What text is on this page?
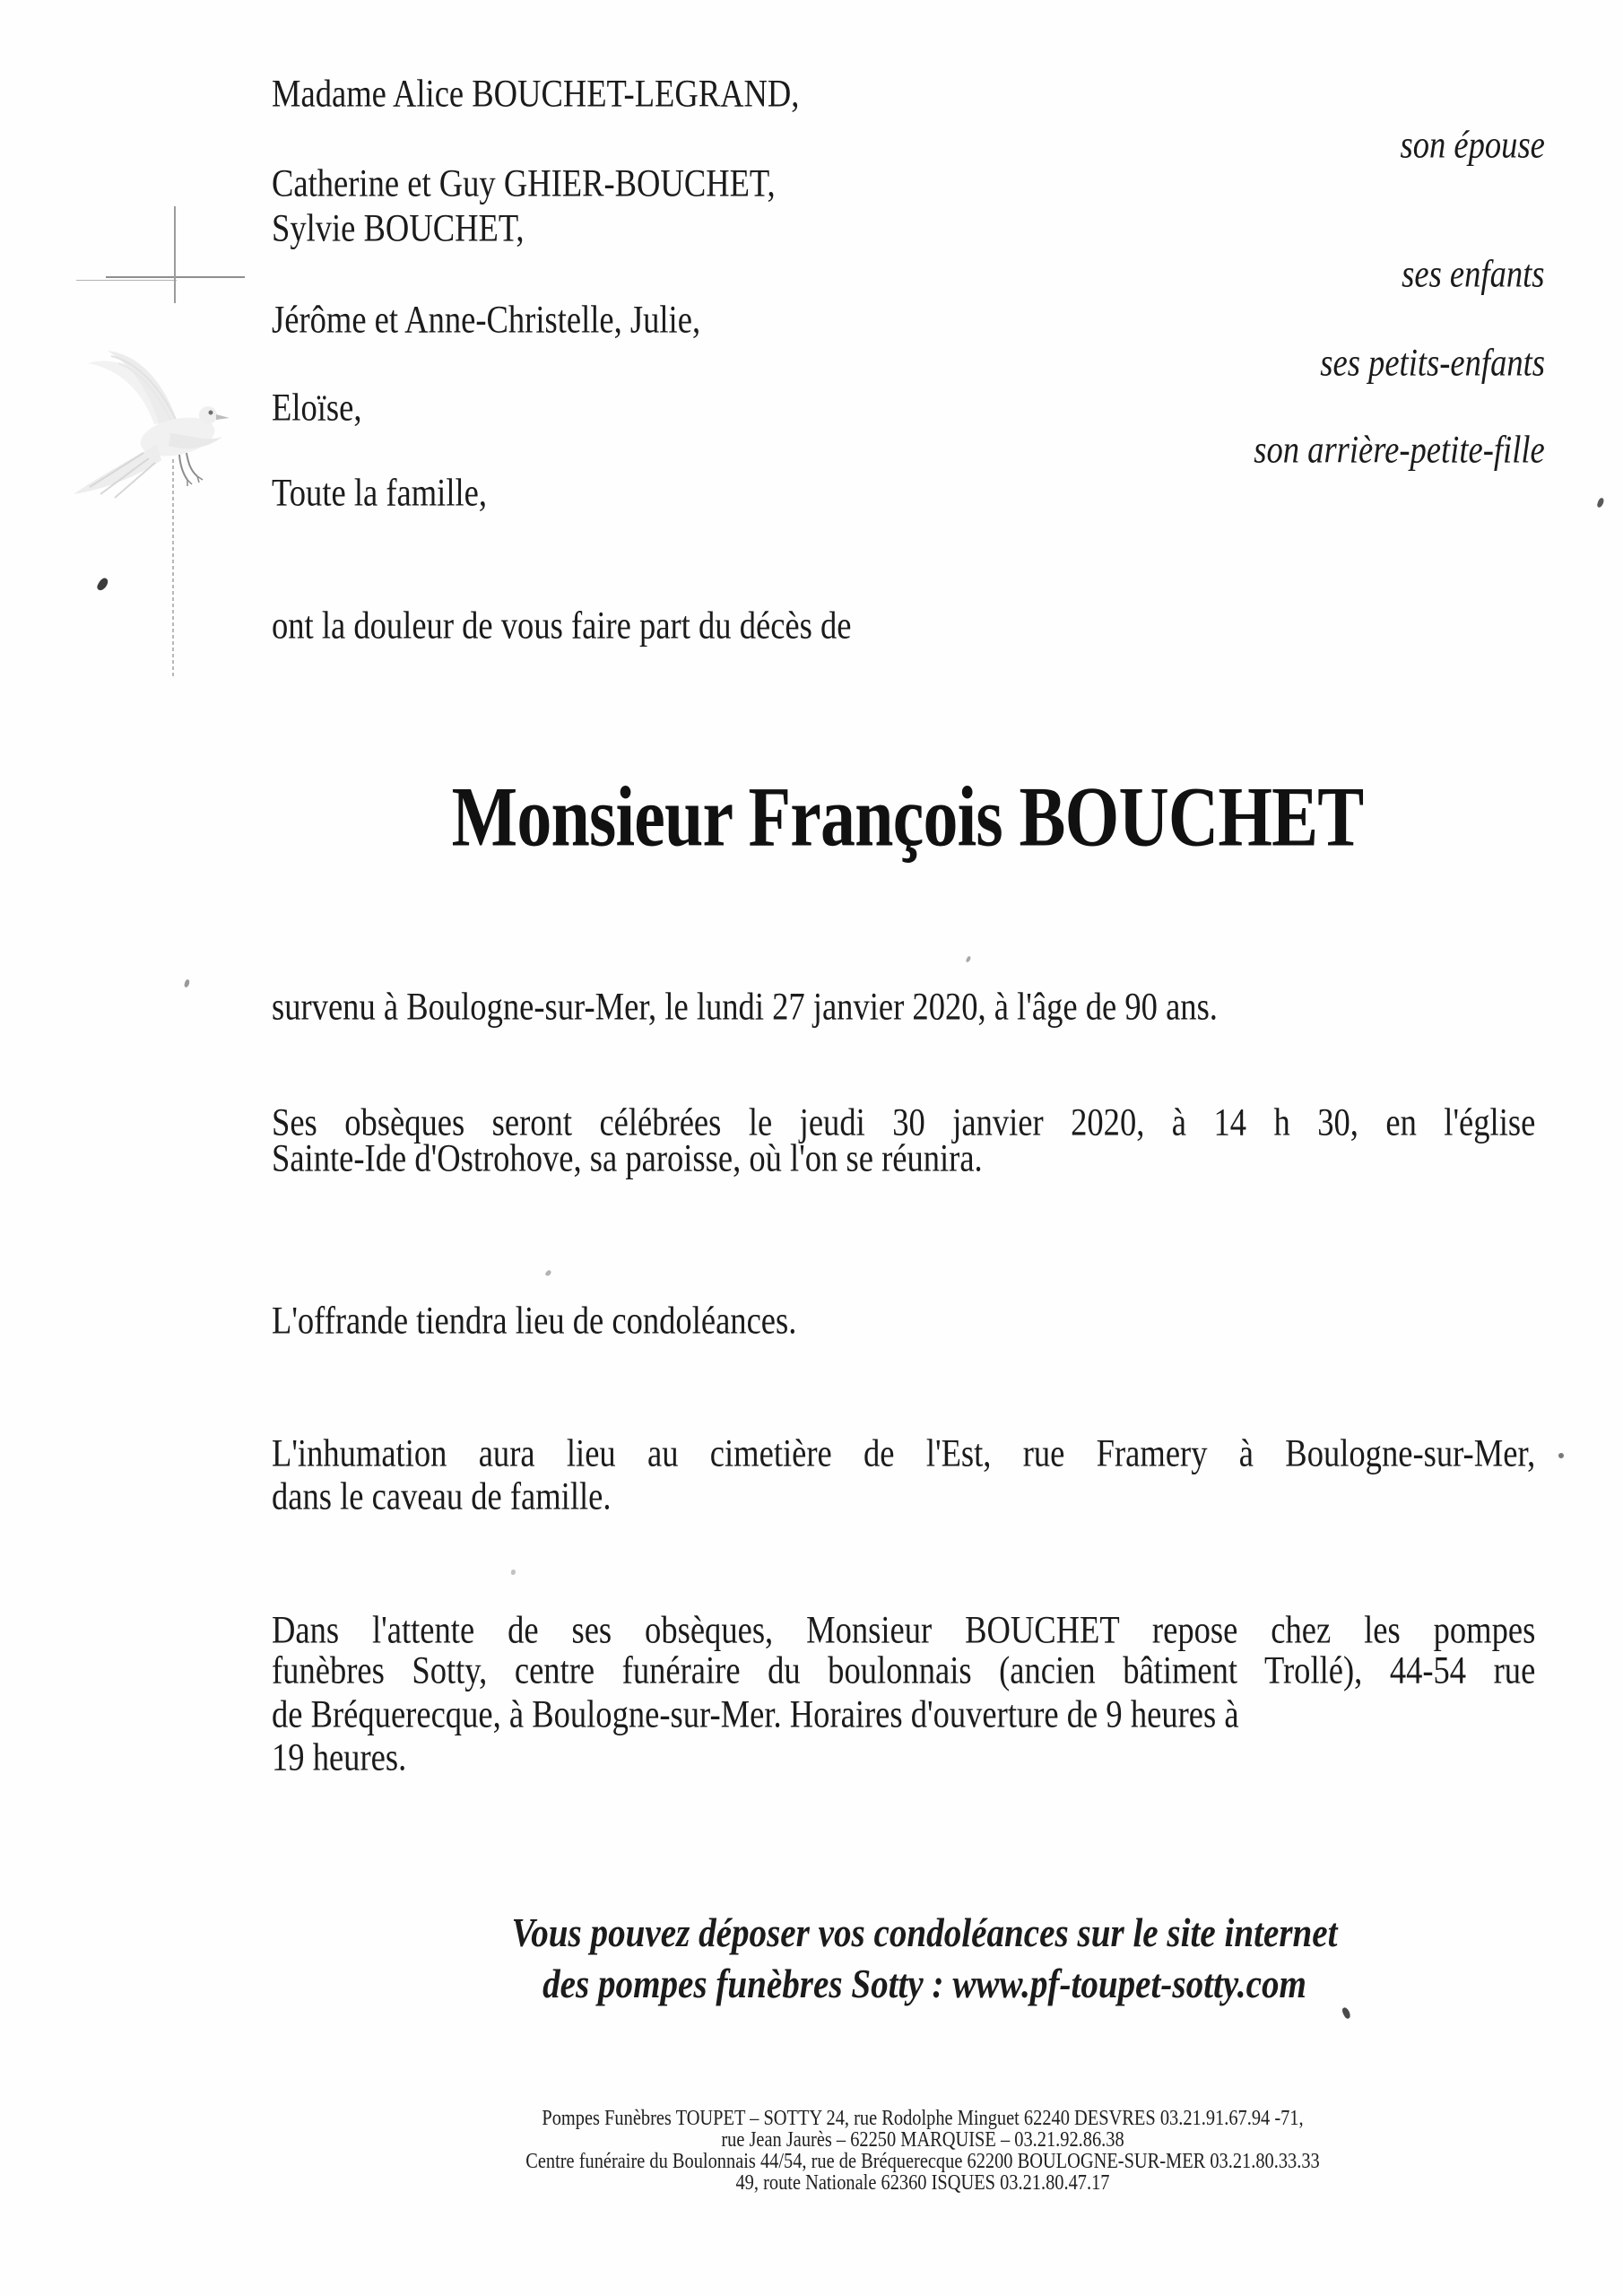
Madame Alice BOUCHET-LEGRAND,
Catherine et Guy GHIER-BOUCHET,
Sylvie BOUCHET,
Jérôme et Anne-Christelle, Julie,
Eloïse,
Toute la famille,
son épouse
ses enfants
ses petits-enfants
son arrière-petite-fille
ont la douleur de vous faire part du décès de
Monsieur François BOUCHET
survenu à Boulogne-sur-Mer, le lundi 27 janvier 2020, à l'âge de 90 ans.
Ses obsèques seront célébrées le jeudi 30 janvier 2020, à 14 h 30, en l'église
Sainte-Ide d'Ostrohove, sa paroisse, où l'on se réunira.
L'offrande tiendra lieu de condoléances.
L'inhumation aura lieu au cimetière de l'Est, rue Framery à Boulogne-sur-Mer,
dans le caveau de famille.
Dans l'attente de ses obsèques, Monsieur BOUCHET repose chez les pompes
funèbres Sotty, centre funéraire du boulonnais (ancien bâtiment Trollé), 44-54 rue
de Bréquerecque, à Boulogne-sur-Mer. Horaires d'ouverture de 9 heures à
19 heures.
Vous pouvez déposer vos condoléances sur le site internet
des pompes funèbres Sotty : www.pf-toupet-sotty.com
Pompes Funèbres TOUPET – SOTTY 24, rue Rodolphe Minguet 62240 DESVRES 03.21.91.67.94 -71,
rue Jean Jaurès – 62250 MARQUISE – 03.21.92.86.38
Centre funéraire du Boulonnais 44/54, rue de Bréquerecque 62200 BOULOGNE-SUR-MER 03.21.80.33.33
49, route Nationale 62360 ISQUES 03.21.80.47.17
